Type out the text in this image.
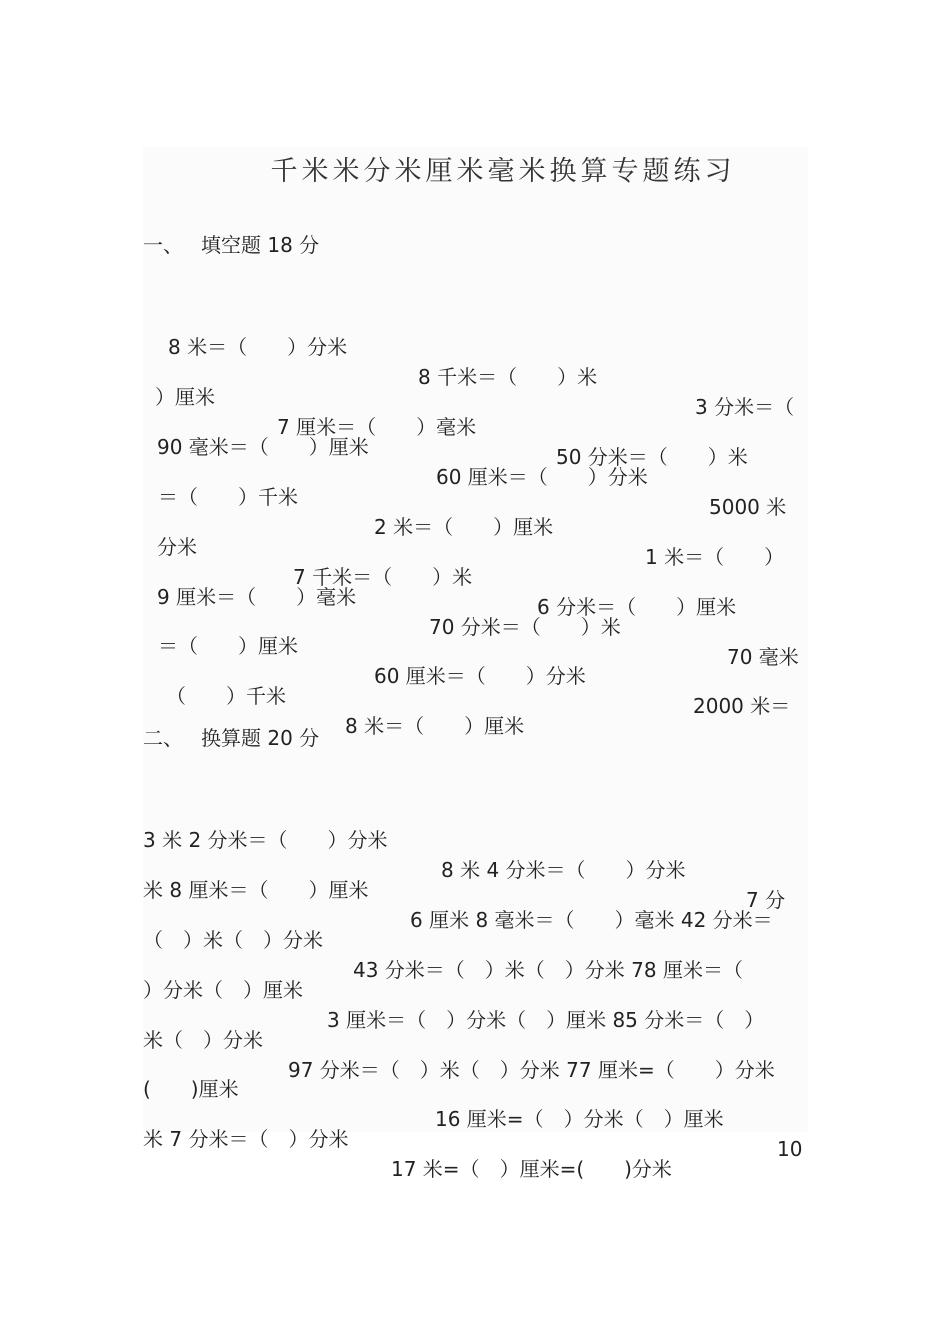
千米米分米厘米毫米换算专题练习
一、 填空题 18 分

8 米＝（　　）分米

8 千米＝（　　）米

3 分米＝（

）厘米

7 厘米＝（　　）毫米

50 分米＝（　　）米

90 毫米＝（　　）厘米

60 厘米＝（　　）分米

5000 米

＝（　　）千米

2 米＝（　　）厘米

1 米＝（　　）

分米

7 千米＝（　　）米

6 分米＝（　　）厘米

9 厘米＝（　　）毫米

70 分米＝（　　）米

70 毫米

＝（　　）厘米

60 厘米＝（　　）分米

2000 米＝

（　　）千米

8 米＝（　　）厘米

二、 换算题 20 分

3 米 2 分米＝（　　）分米

8 米 4 分米＝（　　）分米

7 分

米 8 厘米＝（　　）厘米

6 厘米 8 毫米＝（　　）毫米 42 分米＝

（　）米（　）分米

43 分米＝（　）米（　）分米 78 厘米＝（

）分米（　）厘米

3 厘米＝（　）分米（　）厘米 85 分米＝（　）

米（　）分米

97 分米＝（　）米（　）分米 77 厘米=（　　）分米

(　　)厘米

16 厘米=（　）分米（　）厘米

10

米 7 分米＝（　）分米

17 米=（　）厘米=(　　)分米
